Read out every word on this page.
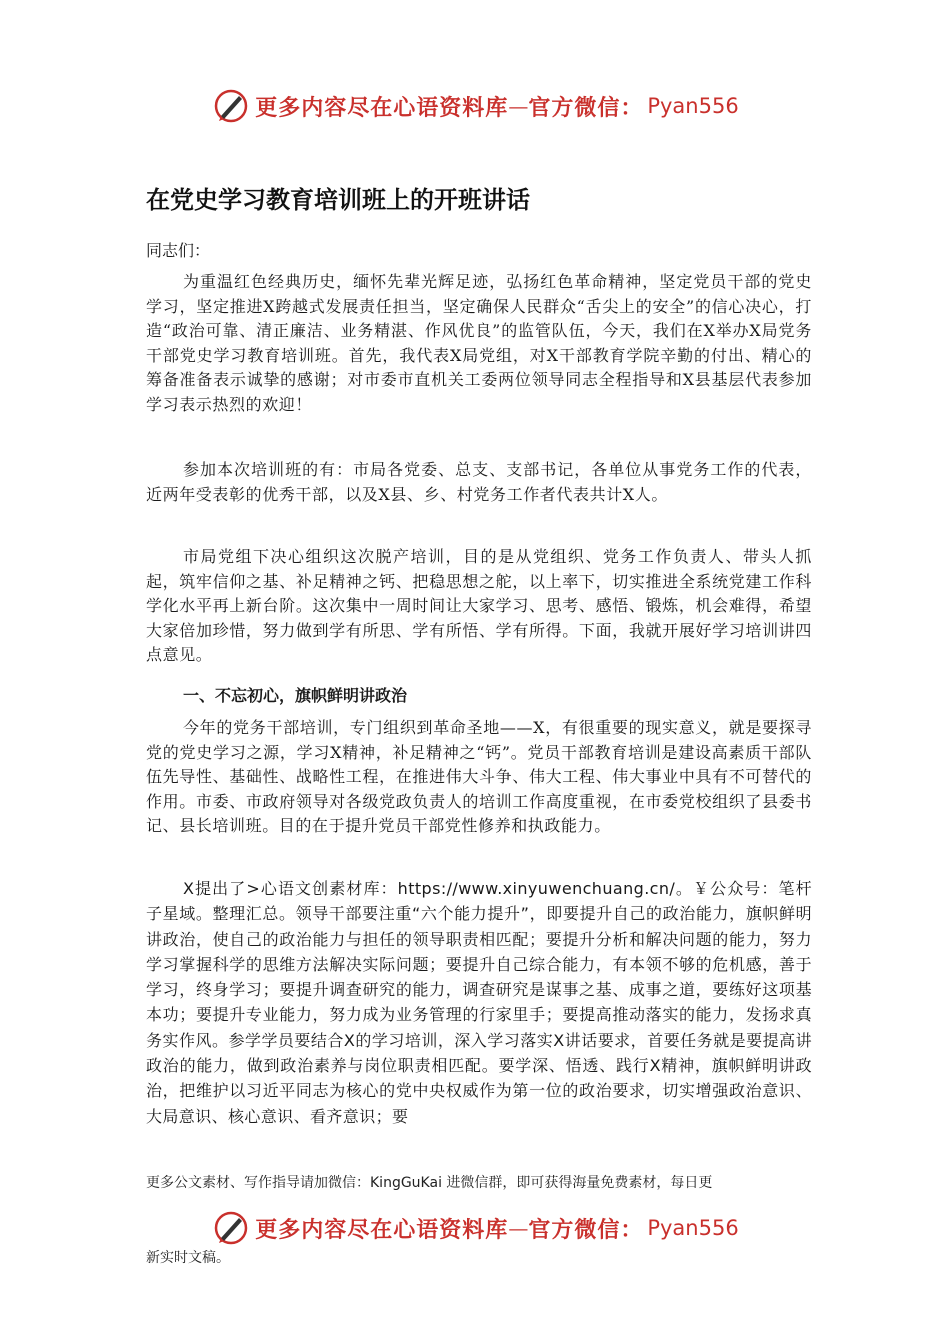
更多内容尽在心语资料库 — 官方微信： Pyan556
在党史学习教育培训班上的开班讲话
同志们：

为重温红色经典历史，缅怀先辈光辉足迹，弘扬红色革命精神，坚定党员干部的党史学习，坚定推进X跨越式发展责任担当，坚定确保人民群众“舌尖上的安全”的信心决心，打造“政治可靠、清正廉洁、业务精湛、作风优良”的监管队伍，今天，我们在X举办X局党务干部党史学习教育培训班。首先，我代表X局党组，对X干部教育学院辛勤的付出、精心的筹备准备表示诚挚的感谢；对市委市直机关工委两位领导同志全程指导和X县基层代表参加学习表示热烈的欢迎！

参加本次培训班的有：市局各党委、总支、支部书记，各单位从事党务工作的代表，近两年受表彰的优秀干部，以及X县、乡、村党务工作者代表共计X人。

市局党组下决心组织这次脱产培训，目的是从党组织、党务工作负责人、带头人抓起，筑牢信仰之基、补足精神之钙、把稳思想之舵，以上率下，切实推进全系统党建工作科学化水平再上新台阶。这次集中一周时间让大家学习、思考、感悟、锻炼，机会难得，希望大家倍加珍惜，努力做到学有所思、学有所悟、学有所得。下面，我就开展好学习培训讲四点意见。

一、不忘初心，旗帜鲜明讲政治

今年的党务干部培训，专门组织到革命圣地——X，有很重要的现实意义，就是要探寻党的党史学习之源，学习X精神，补足精神之“钙”。党员干部教育培训是建设高素质干部队伍先导性、基础性、战略性工程，在推进伟大斗争、伟大工程、伟大事业中具有不可替代的作用。市委、市政府领导对各级党政负责人的培训工作高度重视，在市委党校组织了县委书记、县长培训班。目的在于提升党员干部党性修养和执政能力。

X提出了>心语文创素材库：https://www.xinyuwenchuang.cn/。￥公众号：笔杆子星域。整理汇总。领导干部要注重“六个能力提升”，即要提升自己的政治能力，旗帜鲜明讲政治，使自己的政治能力与担任的领导职责相匹配；要提升分析和解决问题的能力，努力学习掌握科学的思维方法解决实际问题；要提升自己综合能力，有本领不够的危机感，善于学习，终身学习；要提升调查研究的能力，调查研究是谋事之基、成事之道，要练好这项基本功；要提升专业能力，努力成为业务管理的行家里手；要提高推动落实的能力，发扬求真务实作风。参学学员要结合X的学习培训，深入学习落实X讲话要求，首要任务就是要提高讲政治的能力，做到政治素养与岗位职责相匹配。要学深、悟透、践行X精神，旗帜鲜明讲政治，把维护以习近平同志为核心的党中央权威作为第一位的政治要求，切实增强政治意识、大局意识、核心意识、看齐意识；要

更多公文素材、写作指导请加微信：KingGuKai 进微信群，即可获得海量免费素材，每日更
更多内容尽在心语资料库 — 官方微信： Pyan556
新实时文稿。
